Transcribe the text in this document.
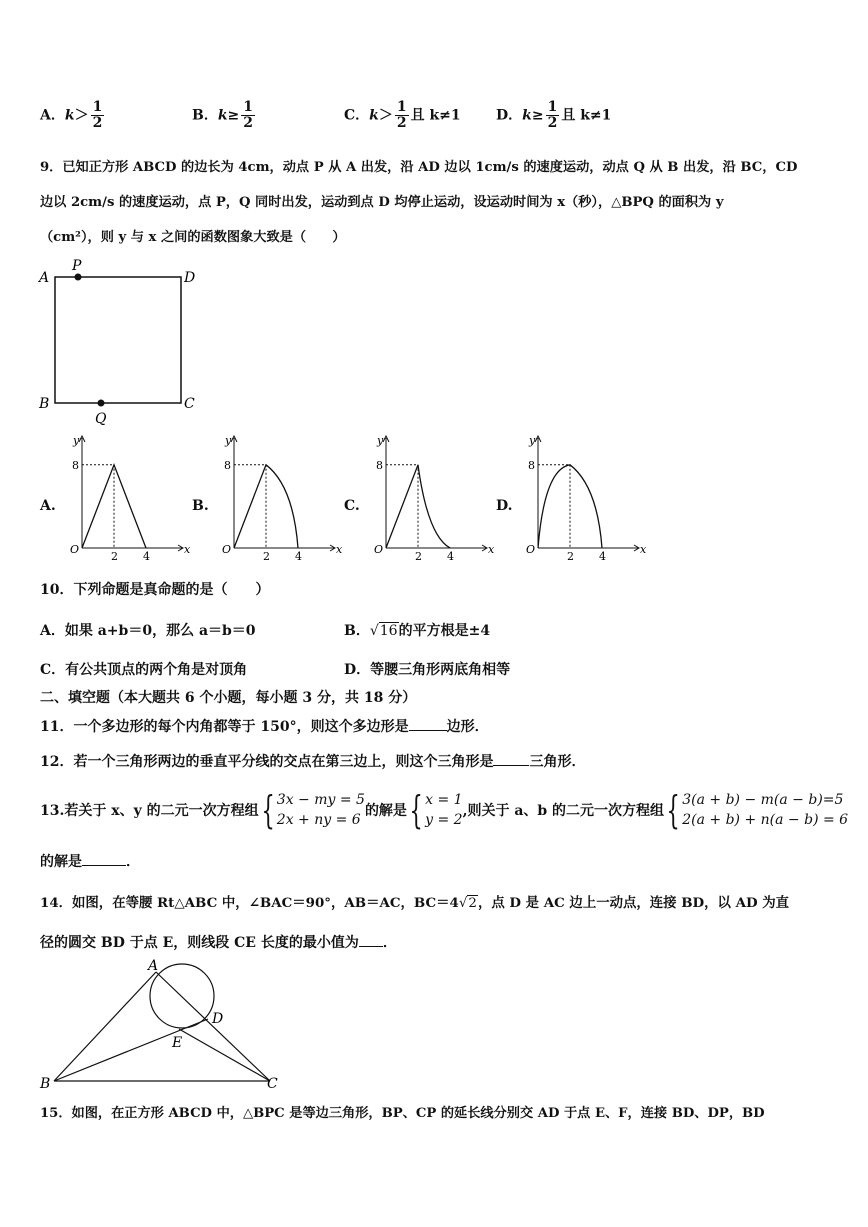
A．$k> \frac{1}{2}$	B．$k\ge \frac{1}{2}$	C．$k> \frac{1}{2}$ 且 k≠1	D．$k\ge \frac{1}{2}$ 且 k≠1
9．已知正方形 ABCD 的边长为 4cm，动点 P 从 A 出发，沿 AD 边以 1cm/s 的速度运动，动点 Q 从 B 出发，沿 BC，CD
边以 2cm/s 的速度运动，点 P，Q 同时出发，运动到点 D 均停止运动，设运动时间为 x（秒），△BPQ 的面积为 y
（cm²），则 y 与 x 之间的函数图象大致是（　　）
A
P
D
B	C
Q
y
x
O
8
2 4
y
x
O
8
2 4
y
x
O
8
2 4
y
x
O
8
2 4
A.	B.	C.	D.
10．下列命题是真命题的是（　　）
A．如果 a+b＝0，那么 a＝b＝0	B．√16的平方根是±4
C．有公共顶点的两个角是对顶角	D．等腰三角形两底角相等
二、填空题（本大题共 6 个小题，每小题 3 分，共 18 分）
11．一个多边形的每个内角都等于 150°，则这个多边形是	边形．
12．若一个三角形两边的垂直平分线的交点在第三边上，则这个三角形是	三角形．
13.若关于 x、y 的二元一次方程组{ 3x − my = 5
2x + ny = 6的解是{ x = 1
y = 2,则关于 a、b 的二元一次方程组{ 3(a + b) − m(a − b)=5
2(a + b) + n(a − b) = 6
的解是	．
14．如图，在等腰 Rt△ABC 中，∠BAC＝90°，AB＝AC，BC＝4√2，点 D 是 AC 边上一动点，连接 BD，以 AD 为直
径的圆交 BD 于点 E，则线段 CE 长度的最小值为 ．
A
B	C
D
E
15．如图，在正方形 ABCD 中，△BPC 是等边三角形，BP、CP 的延长线分别交 AD 于点 E、F，连接 BD、DP，BD
